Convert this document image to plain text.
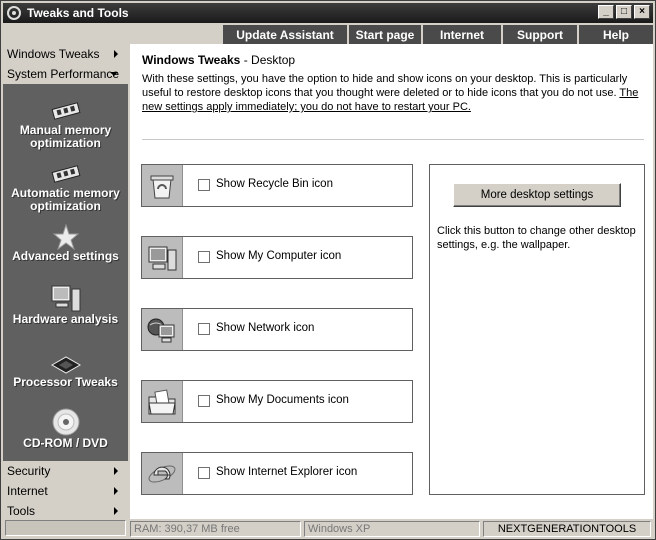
Tweaks and Tools	_	□	×
Update Assistant	Start page	Internet	Support	Help
Windows Tweaks
System Performance
Manual memory optimization
Automatic memory optimization
Advanced settings
Hardware analysis
Processor Tweaks
CD-ROM / DVD
Security
Internet
Tools
Windows Tweaks - Desktop
With these settings, you have the option to hide and show icons on your desktop. This is particularly useful to restore desktop icons that you thought were deleted or to hide icons that you do not use. The new settings apply immediately; you do not have to restart your PC.
Show Recycle Bin icon
Show My Computer icon
Show Network icon
Show My Documents icon
Show Internet Explorer icon
More desktop settings
Click this button to change other desktop settings, e.g. the wallpaper.
RAM: 390,37 MB free	Windows XP	NEXTGENERATIONTOOLS
